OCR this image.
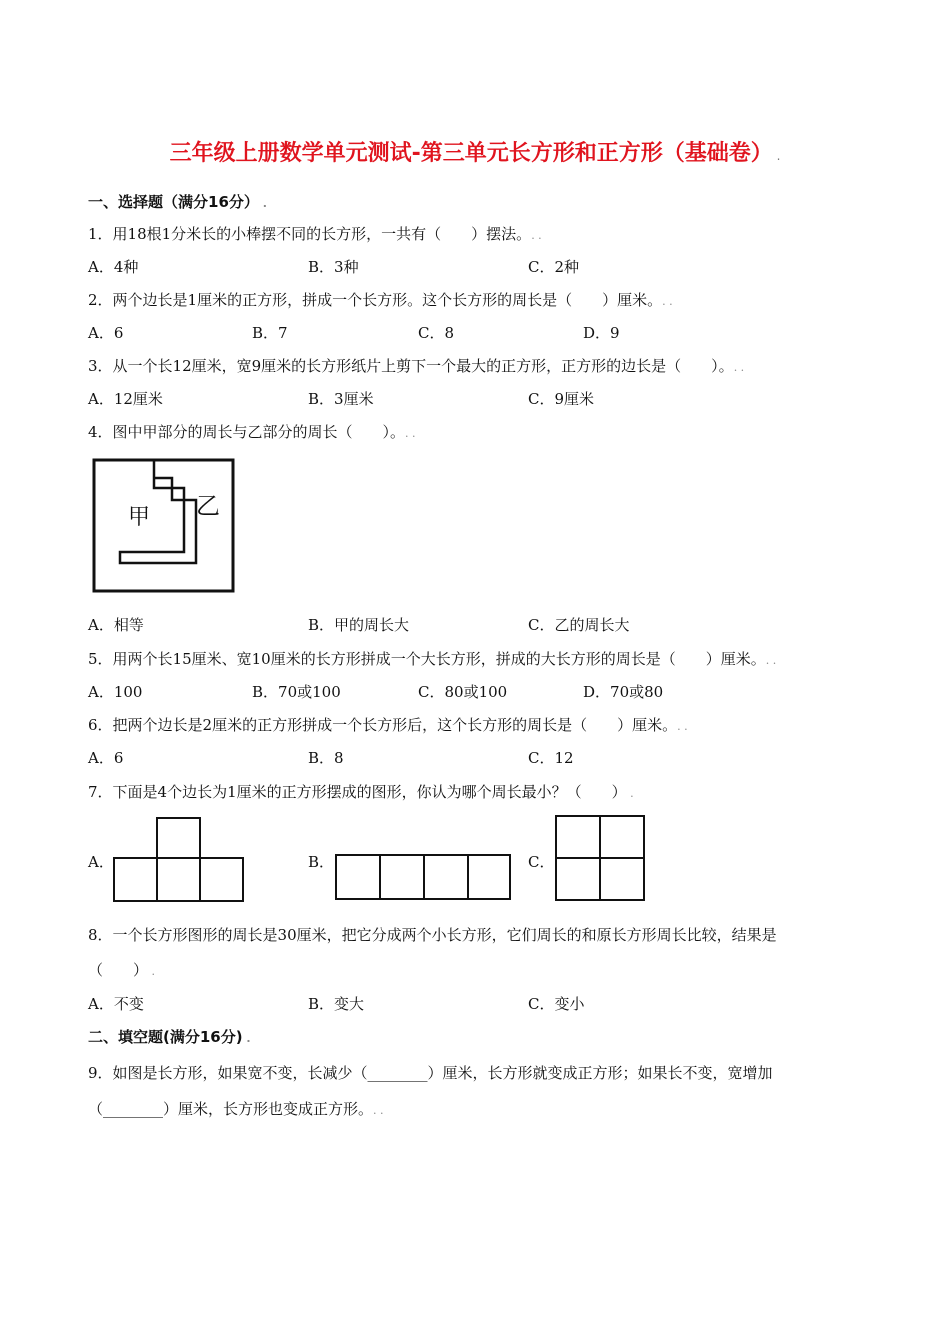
三年级上册数学单元测试-第三单元长方形和正方形（基础卷） .
一、选择题（满分16分） .
1．用18根1分米长的小棒摆不同的长方形，一共有（　　）摆法。. .
A．4种	B．3种	C．2种
2．两个边长是1厘米的正方形，拼成一个长方形。这个长方形的周长是（　　）厘米。. .
A．6	B．7	C．8	D．9
3．从一个长12厘米，宽9厘米的长方形纸片上剪下一个最大的正方形，正方形的边长是（　　）。. .
A．12厘米	B．3厘米	C．9厘米
4．图中甲部分的周长与乙部分的周长（　　）。. .
甲 乙
A．相等	B．甲的周长大	C．乙的周长大
5．用两个长15厘米、宽10厘米的长方形拼成一个大长方形，拼成的大长方形的周长是（　　）厘米。. .
A．100	B．70或100	C．80或100	D．70或80
6．把两个边长是2厘米的正方形拼成一个长方形后，这个长方形的周长是（　　）厘米。. .
A．6	B．8	C．12
7．下面是4个边长为1厘米的正方形摆成的图形，你认为哪个周长最小？（　　） .
A．	B．	C．
8．一个长方形图形的周长是30厘米，把它分成两个小长方形，它们周长的和原长方形周长比较，结果是
（　　） .
A．不变	B．变大	C．变小
二、填空题(满分16分) .
9．如图是长方形，如果宽不变，长减少（________）厘米，长方形就变成正方形；如果长不变，宽增加
（________）厘米，长方形也变成正方形。. .
